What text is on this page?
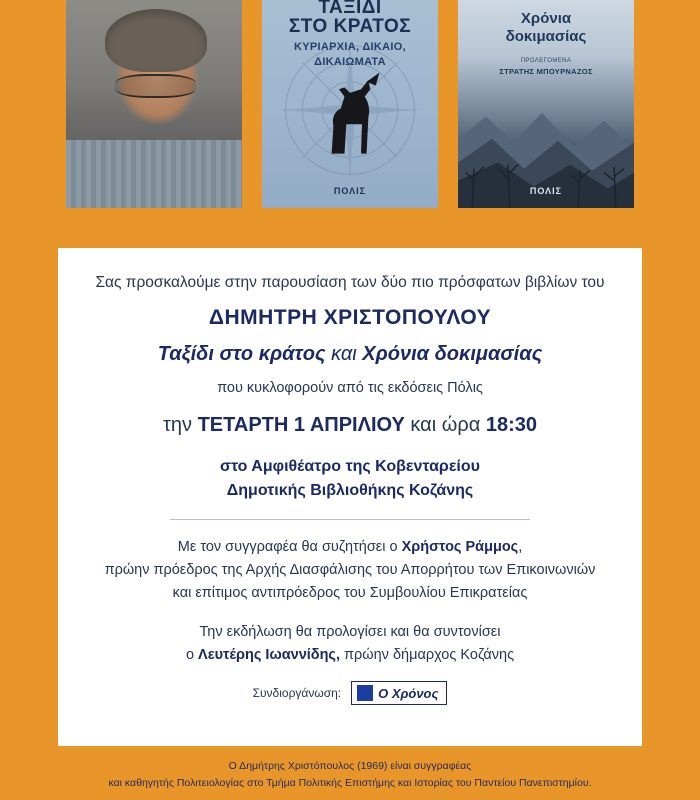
ΤΑΞΙΔΙ
ΣΤΟ ΚΡΑΤΟΣ
ΚΥΡΙΑΡΧΙΑ, ΔΙΚΑΙΟ,
ΔΙΚΑΙΩΜΑΤΑ
ΠΟΛΙΣ
Χρόνια
δοκιμασίας
ΠΡΟΛΕΓΟΜΕΝΑ
ΣΤΡΑΤΗΣ ΜΠΟΥΡΝΑΖΟΣ
ΠΟΛΙΣ
Σας προσκαλούμε στην παρουσίαση των δύο πιο πρόσφατων βιβλίων του
ΔΗΜΗΤΡΗ ΧΡΙΣΤΟΠΟΥΛΟΥ
Ταξίδι στο κράτος και Χρόνια δοκιμασίας
που κυκλοφορούν από τις εκδόσεις Πόλις
την ΤΕΤΑΡΤΗ 1 ΑΠΡΙΛΙΟΥ και ώρα 18:30
στο Αμφιθέατρο της Κοβενταρείου
Δημοτικής Βιβλιοθήκης Κοζάνης
Με τον συγγραφέα θα συζητήσει ο Χρήστος Ράμμος,
πρώην πρόεδρος της Αρχής Διασφάλισης του Απορρήτου των Επικοινωνιών
και επίτιμος αντιπρόεδρος του Συμβουλίου Επικρατείας
Την εκδήλωση θα προλογίσει και θα συντονίσει
ο Λευτέρης Ιωαννίδης, πρώην δήμαρχος Κοζάνης
Συνδιοργάνωση:	Ο Χρόνος
Ο Δημήτρης Χριστόπουλος (1969) είναι συγγραφέας
και καθηγητής Πολιτειολογίας στο Τμήμα Πολιτικής Επιστήμης και Ιστορίας του Παντείου Πανεπιστημίου.
